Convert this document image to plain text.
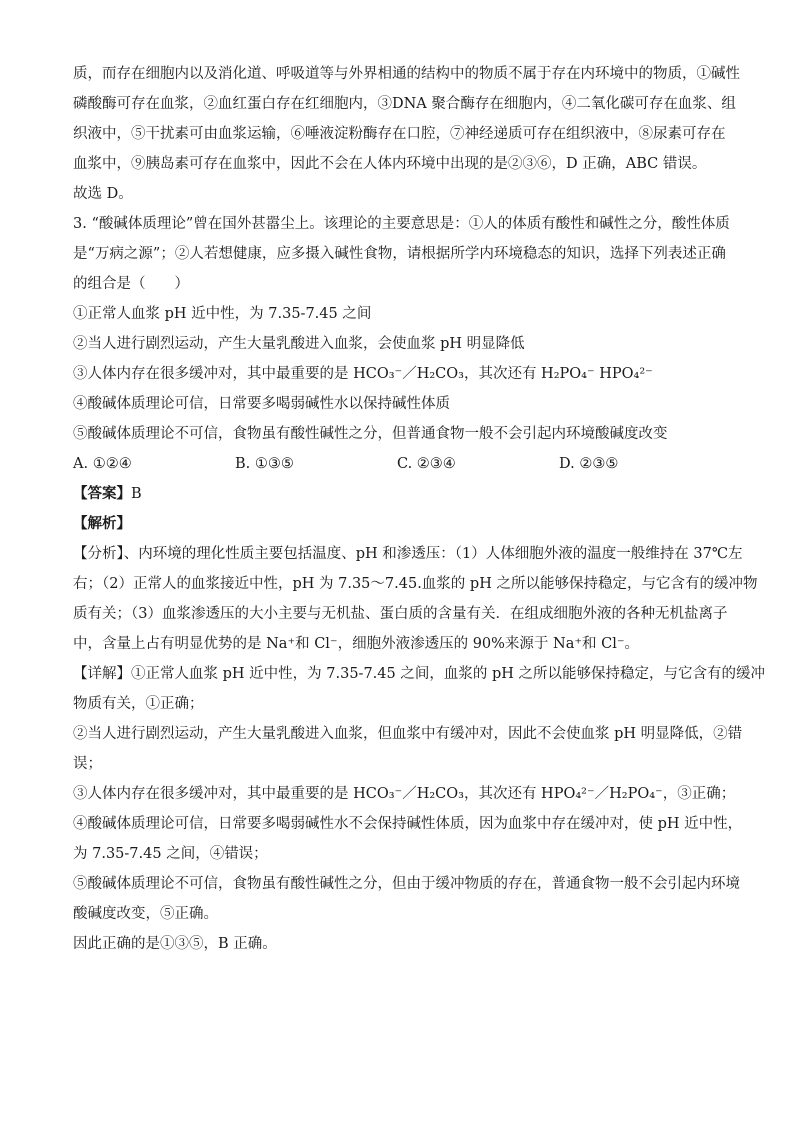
质，而存在细胞内以及消化道、呼吸道等与外界相通的结构中的物质不属于存在内环境中的物质，①碱性
磷酸酶可存在血浆，②血红蛋白存在红细胞内，③DNA 聚合酶存在细胞内，④二氧化碳可存在血浆、组
织液中，⑤干扰素可由血浆运输，⑥唾液淀粉酶存在口腔，⑦神经递质可存在组织液中，⑧尿素可存在
血浆中，⑨胰岛素可存在血浆中，因此不会在人体内环境中出现的是②③⑥，D 正确，ABC 错误。
故选 D。
3. “酸碱体质理论”曾在国外甚嚣尘上。该理论的主要意思是：①人的体质有酸性和碱性之分，酸性体质
是“万病之源”；②人若想健康，应多摄入碱性食物，请根据所学内环境稳态的知识，选择下列表述正确
的组合是（　　）
①正常人血浆 pH 近中性，为 7.35-7.45 之间
②当人进行剧烈运动，产生大量乳酸进入血浆，会使血浆 pH 明显降低
③人体内存在很多缓冲对，其中最重要的是 HCO₃⁻／H₂CO₃，其次还有 H₂PO₄⁻ HPO₄²⁻
④酸碱体质理论可信，日常要多喝弱碱性水以保持碱性体质
⑤酸碱体质理论不可信，食物虽有酸性碱性之分，但普通食物一般不会引起内环境酸碱度改变
A. ①②④	B. ①③⑤	C. ②③④	D. ②③⑤
【答案】B
【解析】
【分析】、内环境的理化性质主要包括温度、pH 和渗透压：（1）人体细胞外液的温度一般维持在 37℃左
右；（2）正常人的血浆接近中性，pH 为 7.35～7.45.血浆的 pH 之所以能够保持稳定，与它含有的缓冲物
质有关；（3）血浆渗透压的大小主要与无机盐、蛋白质的含量有关．在组成细胞外液的各种无机盐离子
中，含量上占有明显优势的是 Na⁺和 Cl⁻，细胞外液渗透压的 90%来源于 Na⁺和 Cl⁻。
【详解】①正常人血浆 pH 近中性，为 7.35-7.45 之间，血浆的 pH 之所以能够保持稳定，与它含有的缓冲
物质有关，①正确；
②当人进行剧烈运动，产生大量乳酸进入血浆，但血浆中有缓冲对，因此不会使血浆 pH 明显降低，②错
误；
③人体内存在很多缓冲对，其中最重要的是 HCO₃⁻／H₂CO₃，其次还有 HPO₄²⁻／H₂PO₄⁻，③正确；
④酸碱体质理论可信，日常要多喝弱碱性水不会保持碱性体质，因为血浆中存在缓冲对，使 pH 近中性，
为 7.35-7.45 之间，④错误；
⑤酸碱体质理论不可信，食物虽有酸性碱性之分，但由于缓冲物质的存在，普通食物一般不会引起内环境
酸碱度改变，⑤正确。
因此正确的是①③⑤，B 正确。
